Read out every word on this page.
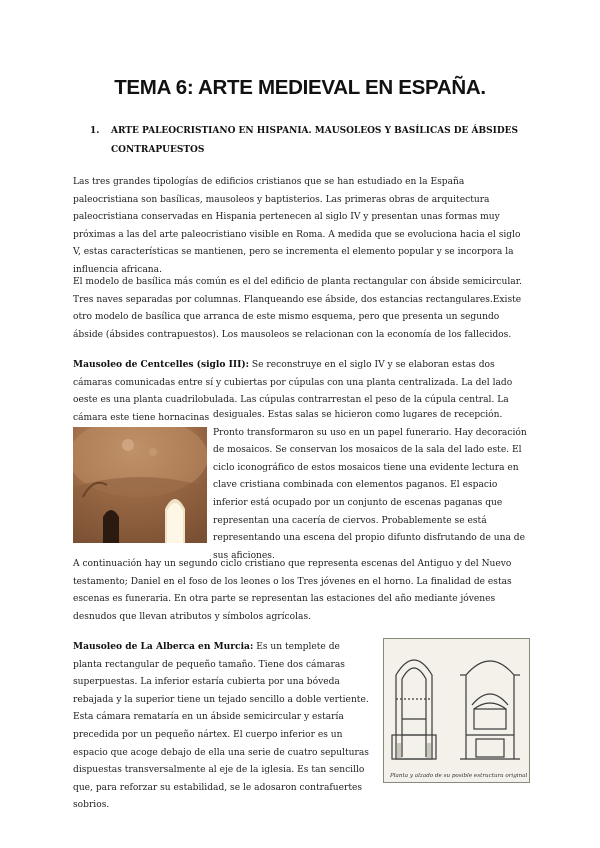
TEMA 6: ARTE MEDIEVAL EN ESPAÑA.
1.	ARTE PALEOCRISTIANO EN HISPANIA. MAUSOLEOS Y BASÍLICAS DE ÁBSIDES CONTRAPUESTOS

Las tres grandes tipologías de edificios cristianos que se han estudiado en la España paleocristiana son basílicas, mausoleos y baptisterios. Las primeras obras de arquitectura paleocristiana conservadas en Hispania pertenecen al siglo IV y presentan unas formas muy próximas a las del arte paleocristiano visible en Roma. A medida que se evoluciona hacia el siglo V, estas características se mantienen, pero se incrementa el elemento popular y se incorpora la influencia africana.

El modelo de basílica más común es el del edificio de planta rectangular con ábside semicircular. Tres naves separadas por columnas. Flanqueando ese ábside, dos estancias rectangulares.Existe otro modelo de basílica que arranca de este mismo esquema, pero que presenta un segundo ábside (ábsides contrapuestos). Los mausoleos se relacionan con la economía de los fallecidos.

Mausoleo de Centcelles (siglo III): Se reconstruye en el siglo IV y se elaboran estas dos cámaras comunicadas entre sí y cubiertas por cúpulas con una planta centralizada. La del lado oeste es una planta cuadrilobulada. Las cúpulas contrarrestan el peso de la cúpula central. La cámara este tiene hornacinas desiguales. Estas salas se hicieron como lugares de recepción. Pronto transformaron su uso en un papel funerario. Hay decoración de mosaicos. Se conservan los mosaicos de la sala del lado este. El ciclo iconográfico de estos mosaicos tiene una evidente lectura en clave cristiana combinada con elementos paganos. El espacio inferior está ocupado por un conjunto de escenas paganas que representan una cacería de ciervos. Probablemente se está representando una escena del propio difunto disfrutando de una de sus aficiones.

A continuación hay un segundo ciclo cristiano que representa escenas del Antiguo y del Nuevo testamento; Daniel en el foso de los leones o los Tres jóvenes en el horno. La finalidad de estas escenas es funeraria. En otra parte se representan las estaciones del año mediante jóvenes desnudos que llevan atributos y símbolos agrícolas.

Mausoleo de La Alberca en Murcia: Es un templete de planta rectangular de pequeño tamaño. Tiene dos cámaras superpuestas. La inferior estaría cubierta por una bóveda rebajada y la superior tiene un tejado sencillo a doble vertiente. Esta cámara remataría en un ábside semicircular y estaría precedida por un pequeño nártex. El cuerpo inferior es un espacio que acoge debajo de ella una serie de cuatro sepulturas dispuestas transversalmente al eje de la iglesia. Es tan sencillo que, para reforzar su estabilidad, se le adosaron contrafuertes sobrios.

Planta y alzado de su posible estructura original
